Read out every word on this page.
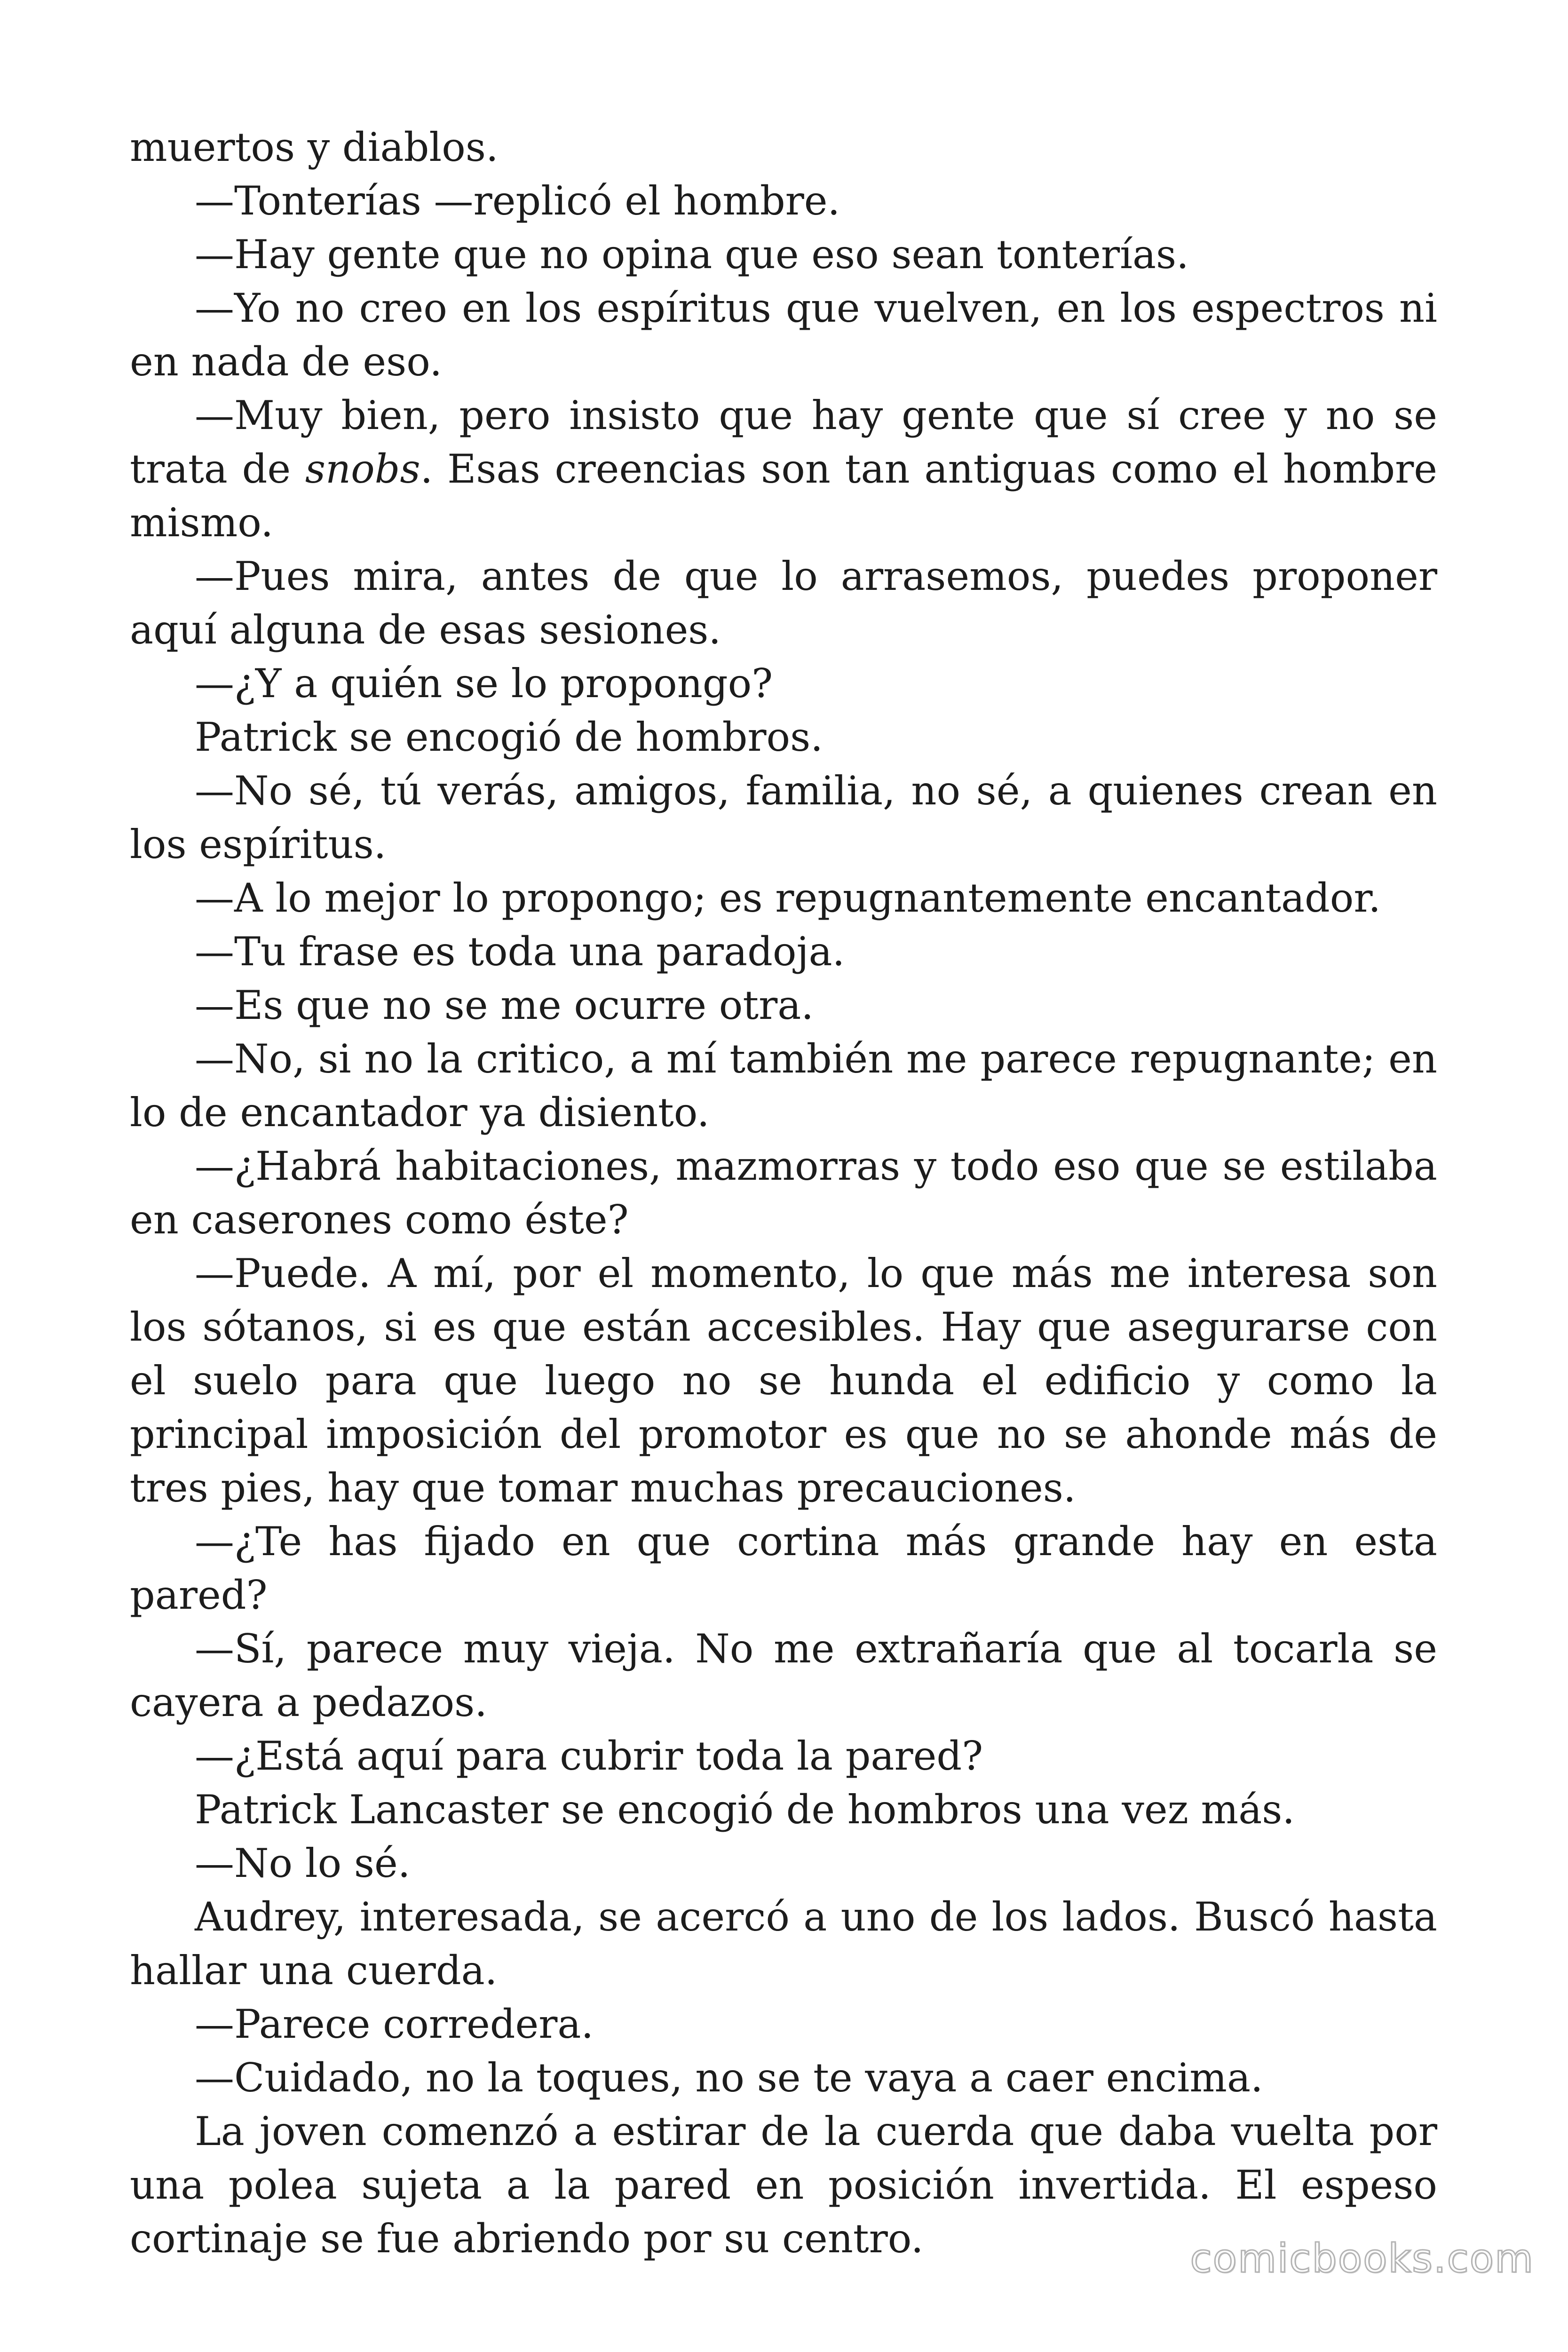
muertos y diablos.

—Tonterías —replicó el hombre.

—Hay gente que no opina que eso sean tonterías.

—Yo no creo en los espíritus que vuelven, en los espectros ni en nada de eso.

—Muy bien, pero insisto que hay gente que sí cree y no se trata de snobs. Esas creencias son tan antiguas como el hombre mismo.

—Pues mira, antes de que lo arrasemos, puedes proponer aquí alguna de esas sesiones.

—¿Y a quién se lo propongo?

Patrick se encogió de hombros.

—No sé, tú verás, amigos, familia, no sé, a quienes crean en los espíritus.

—A lo mejor lo propongo; es repugnantemente encantador.

—Tu frase es toda una paradoja.

—Es que no se me ocurre otra.

—No, si no la critico, a mí también me parece repugnante; en lo de encantador ya disiento.

—¿Habrá habitaciones, mazmorras y todo eso que se estilaba en caserones como éste?

—Puede. A mí, por el momento, lo que más me interesa son los sótanos, si es que están accesibles. Hay que asegurarse con el suelo para que luego no se hunda el edificio y como la principal imposición del promotor es que no se ahonde más de tres pies, hay que tomar muchas precauciones.

—¿Te has fijado en que cortina más grande hay en esta pared?

—Sí, parece muy vieja. No me extrañaría que al tocarla se cayera a pedazos.

—¿Está aquí para cubrir toda la pared?

Patrick Lancaster se encogió de hombros una vez más.

—No lo sé.

Audrey, interesada, se acercó a uno de los lados. Buscó hasta hallar una cuerda.

—Parece corredera.

—Cuidado, no la toques, no se te vaya a caer encima.

La joven comenzó a estirar de la cuerda que daba vuelta por una polea sujeta a la pared en posición invertida. El espeso cortinaje se fue abriendo por su centro.	comicbooks.com
